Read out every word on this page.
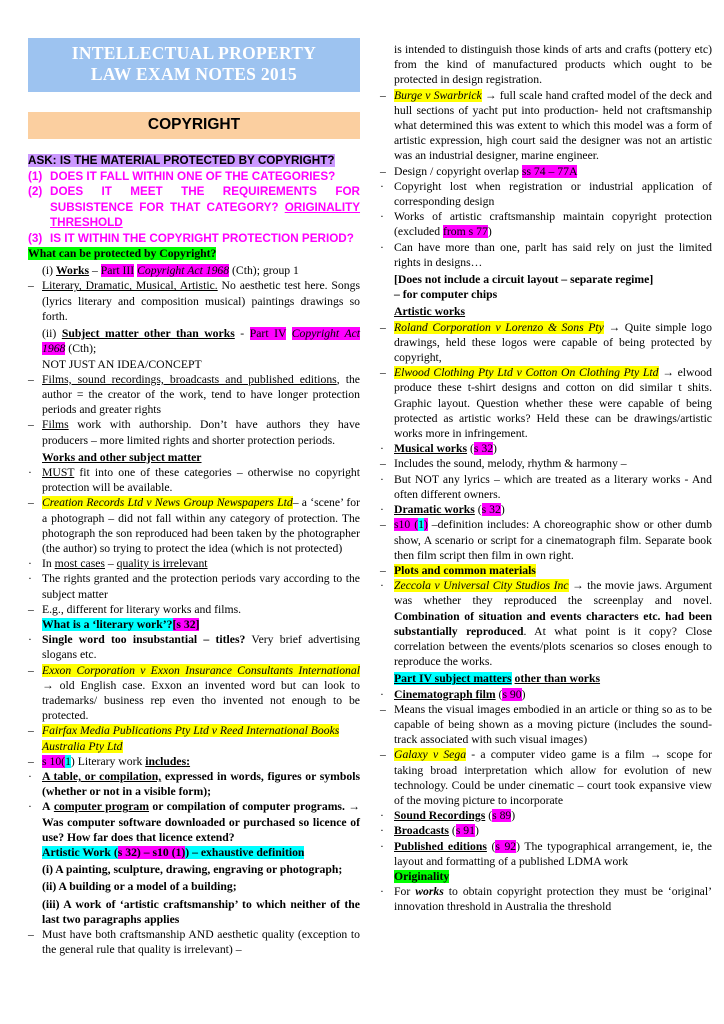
INTELLECTUAL PROPERTY
LAW EXAM NOTES 2015
COPYRIGHT
ASK: IS THE MATERIAL PROTECTED BY COPYRIGHT?
(1) DOES IT FALL WITHIN ONE OF THE CATEGORIES?
(2) DOES IT MEET THE REQUIREMENTS FOR SUBSISTENCE FOR THAT CATEGORY? ORIGINALITY THRESHOLD
(3) IS IT WITHIN THE COPYRIGHT PROTECTION PERIOD?
What can be protected by Copyright?
(i) Works – Part III Copyright Act 1968 (Cth); group 1
– Literary, Dramatic, Musical, Artistic. No aesthetic test here. Songs (lyrics literary and composition musical) paintings drawings so forth.
(ii) Subject matter other than works - Part IV Copyright Act 1968 (Cth);
NOT JUST AN IDEA/CONCEPT
– Films, sound recordings, broadcasts and published editions, the author = the creator of the work, tend to have longer protection periods and greater rights
– Films work with authorship. Don’t have authors they have producers – more limited rights and shorter protection periods.
Works and other subject matter
· MUST fit into one of these categories – otherwise no copyright protection will be available.
– Creation Records Ltd v News Group Newspapers Ltd– a ‘scene’ for a photograph – did not fall within any category of protection. The photograph the son reproduced had been taken by the photographer (the author) so trying to protect the idea (which is not protected)
· In most cases – quality is irrelevant
· The rights granted and the protection periods vary according to the subject matter
– E.g., different for literary works and films.
What is a ‘literary work’?[s 32]
· Single word too insubstantial – titles? Very brief advertising slogans etc.
– Exxon Corporation v Exxon Insurance Consultants International → old English case. Exxon an invented word but can look to trademarks/ business rep even tho invented not enough to be protected.
– Fairfax Media Publications Pty Ltd v Reed International Books Australia Pty Ltd
– s 10(1) Literary work includes:
· A table, or compilation, expressed in words, figures or symbols (whether or not in a visible form);
· A computer program or compilation of computer programs. → Was computer software downloaded or purchased so licence of use? How far does that licence extend?
Artistic Work (s 32) – s10 (1)) – exhaustive definition
(i) A painting, sculpture, drawing, engraving or photograph;
(ii) A building or a model of a building;
(iii) A work of ‘artistic craftsmanship’ to which neither of the last two paragraphs applies
– Must have both craftsmanship AND aesthetic quality (exception to the general rule that quality is irrelevant) –
is intended to distinguish those kinds of arts and crafts (pottery etc) from the kind of manufactured products which ought to be protected in design registration.
– Burge v Swarbrick → full scale hand crafted model of the deck and hull sections of yacht put into production- held not craftsmanship what determined this was extent to which this model was a form of artistic expression, high court said the designer was not an artistic was an industrial designer, marine engineer.
– Design / copyright overlap ss 74 – 77A
· Copyright lost when registration or industrial application of corresponding design
· Works of artistic craftsmanship maintain copyright protection (excluded from s 77)
· Can have more than one, parlt has said rely on just the limited rights in designs…
[Does not include a circuit layout – separate regime]
– for computer chips
Artistic works
– Roland Corporation v Lorenzo & Sons Pty → Quite simple logo drawings, held these logos were capable of being protected by copyright,
– Elwood Clothing Pty Ltd v Cotton On Clothing Pty Ltd → elwood produce these t-shirt designs and cotton on did similar t shits. Graphic layout. Question whether these were capable of being protected as artistic works? Held these can be drawings/artistic works more in infringement.
· Musical works (s 32)
– Includes the sound, melody, rhythm & harmony –
· But NOT any lyrics – which are treated as a literary works - And often different owners.
· Dramatic works (s 32)
– s10 (1) –definition includes: A choreographic show or other dumb show, A scenario or script for a cinematograph film. Separate book then film script then film in own right.
– Plots and common materials
· Zeccola v Universal City Studios Inc → the movie jaws. Argument was whether they reproduced the screenplay and novel. Combination of situation and events characters etc. had been substantially reproduced. At what point is it copy? Close correlation between the events/plots scenarios so closes enough to reproduce the works.
Part IV subject matters other than works
· Cinematograph film (s 90)
– Means the visual images embodied in an article or thing so as to be capable of being shown as a moving picture (includes the sound-track associated with such visual images)
– Galaxy v Sega - a computer video game is a film → scope for taking broad interpretation which allow for evolution of new technology. Could be under cinematic – court took expansive view of the moving picture to incorporate
· Sound Recordings (s 89)
· Broadcasts (s 91)
· Published editions (s 92) The typographical arrangement, ie, the layout and formatting of a published LDMA work
Originality
· For works to obtain copyright protection they must be ‘original’ innovation threshold in Australia the threshold
